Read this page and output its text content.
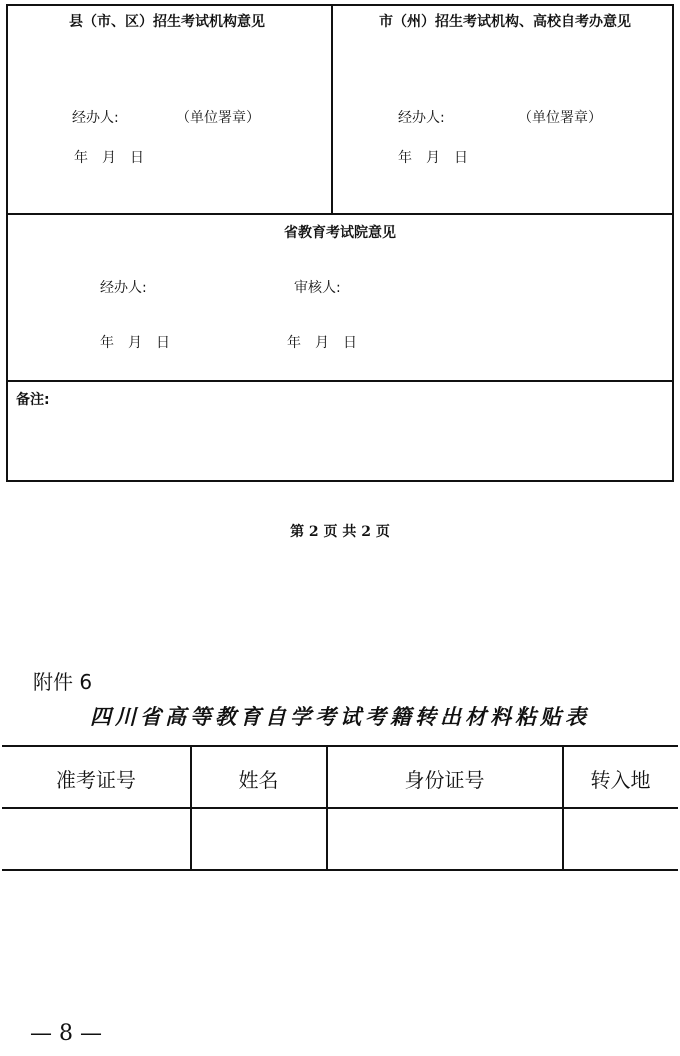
县（市、区）招生考试机构意见
经办人:	（单位署章）
年 月 日
市（州）招生考试机构、高校自考办意见
经办人:	（单位署章）
年 月 日
省教育考试院意见
经办人:	审核人:
年 月 日	年 月 日
备注:
第 2 页 共 2 页
附件 6
四川省高等教育自学考试考籍转出材料粘贴表
准考证号	姓名	身份证号	转入地
— 8 —
